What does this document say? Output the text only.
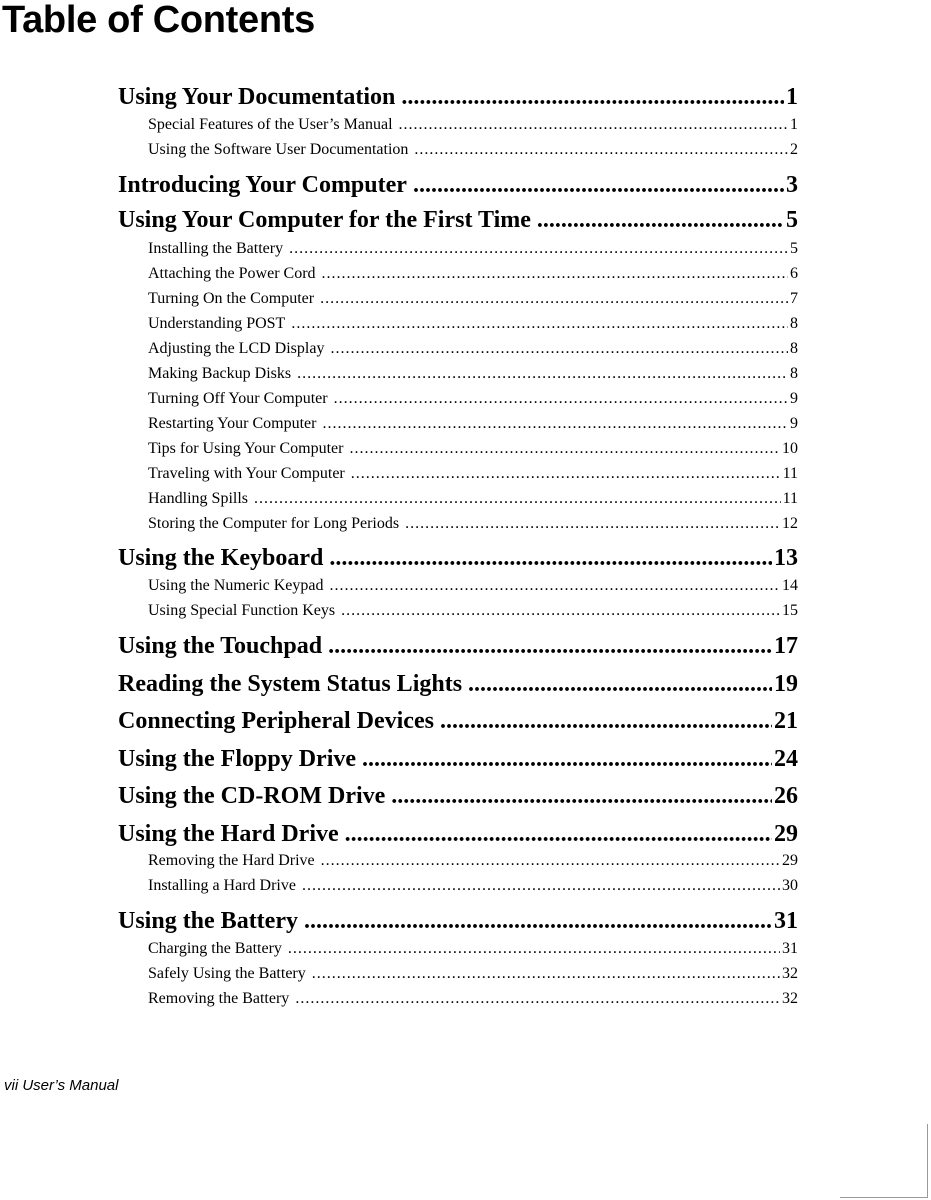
Table of Contents
Using Your Documentation .....	1
Special Features of the User’s Manual .....	1
Using the Software User Documentation .....	2
Introducing Your Computer .....	3
Using Your Computer for the First Time .....	5
Installing the Battery .....	5
Attaching the Power Cord .....	6
Turning On the Computer .....	7
Understanding POST .....	8
Adjusting the LCD Display .....	8
Making Backup Disks .....	8
Turning Off Your Computer .....	9
Restarting Your Computer .....	9
Tips for Using Your Computer .....	10
Traveling with Your Computer .....	11
Handling Spills .....	11
Storing the Computer for Long Periods .....	12
Using the Keyboard .....	13
Using the Numeric Keypad .....	14
Using Special Function Keys .....	15
Using the Touchpad .....	17
Reading the System Status Lights .....	19
Connecting Peripheral Devices .....	21
Using the Floppy Drive .....	24
Using the CD-ROM Drive .....	26
Using the Hard Drive .....	29
Removing the Hard Drive .....	29
Installing a Hard Drive .....	30
Using the Battery .....	31
Charging the Battery .....	31
Safely Using the Battery .....	32
Removing the Battery .....	32
vii User’s Manual
